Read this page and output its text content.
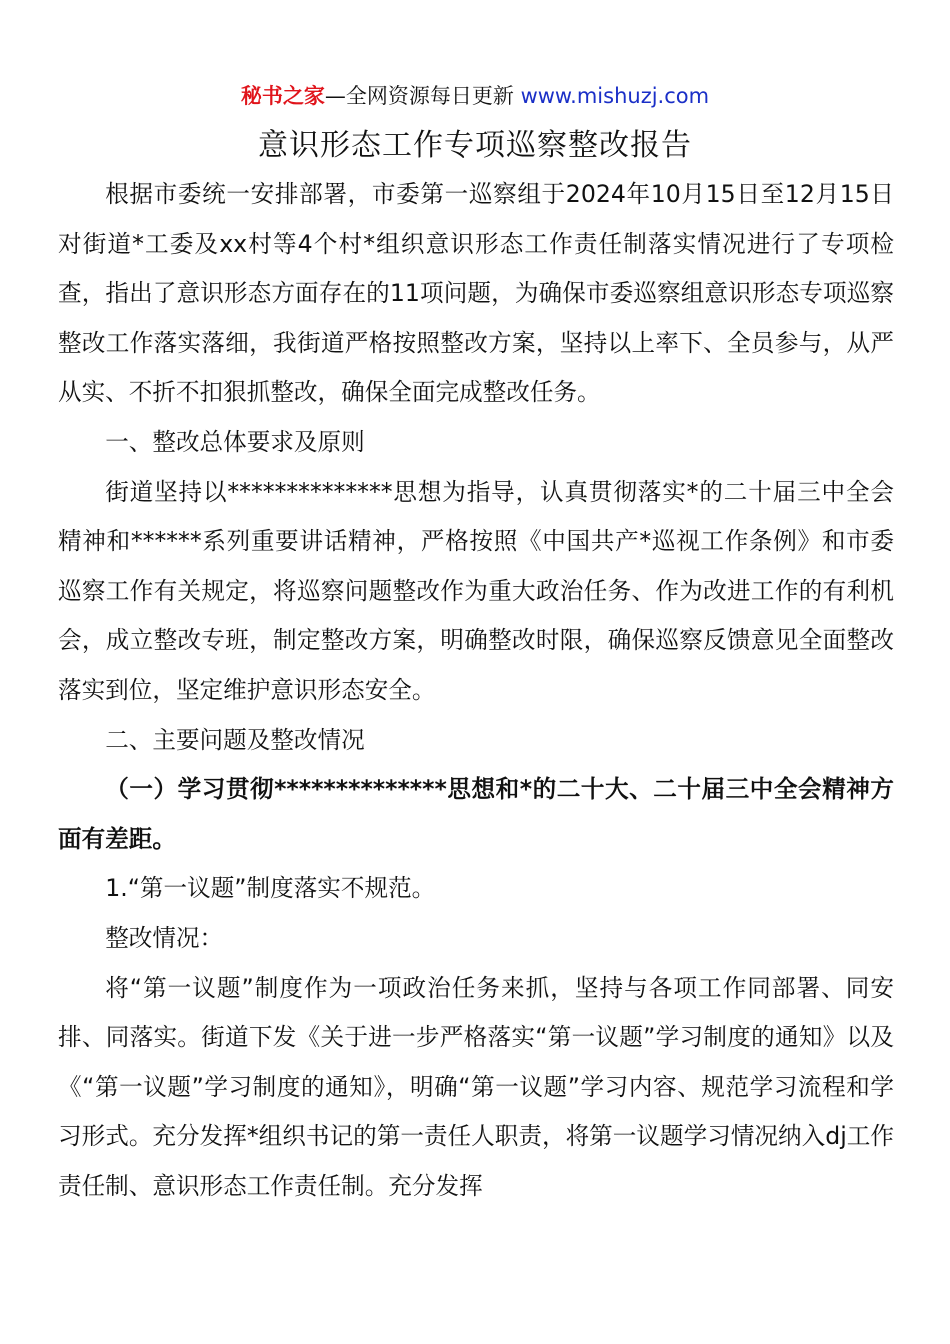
秘书之家—全网资源每日更新 www.mishuzj.com
意识形态工作专项巡察整改报告

根据市委统一安排部署，市委第一巡察组于2024年10月15日至12月15日对街道*工委及xx村等4个村*组织意识形态工作责任制落实情况进行了专项检查，指出了意识形态方面存在的11项问题，为确保市委巡察组意识形态专项巡察整改工作落实落细，我街道严格按照整改方案，坚持以上率下、全员参与，从严从实、不折不扣狠抓整改，确保全面完成整改任务。

一、整改总体要求及原则

街道坚持以**************思想为指导，认真贯彻落实*的二十届三中全会精神和******系列重要讲话精神，严格按照《中国共产*巡视工作条例》和市委巡察工作有关规定，将巡察问题整改作为重大政治任务、作为改进工作的有利机会，成立整改专班，制定整改方案，明确整改时限，确保巡察反馈意见全面整改落实到位，坚定维护意识形态安全。

二、主要问题及整改情况

（一）学习贯彻**************思想和*的二十大、二十届三中全会精神方面有差距。

1.“第一议题”制度落实不规范。

整改情况：

将“第一议题”制度作为一项政治任务来抓，坚持与各项工作同部署、同安排、同落实。街道下发《关于进一步严格落实“第一议题”学习制度的通知》以及《“第一议题”学习制度的通知》，明确“第一议题”学习内容、规范学习流程和学习形式。充分发挥*组织书记的第一责任人职责，将第一议题学习情况纳入dj工作责任制、意识形态工作责任制。充分发挥
